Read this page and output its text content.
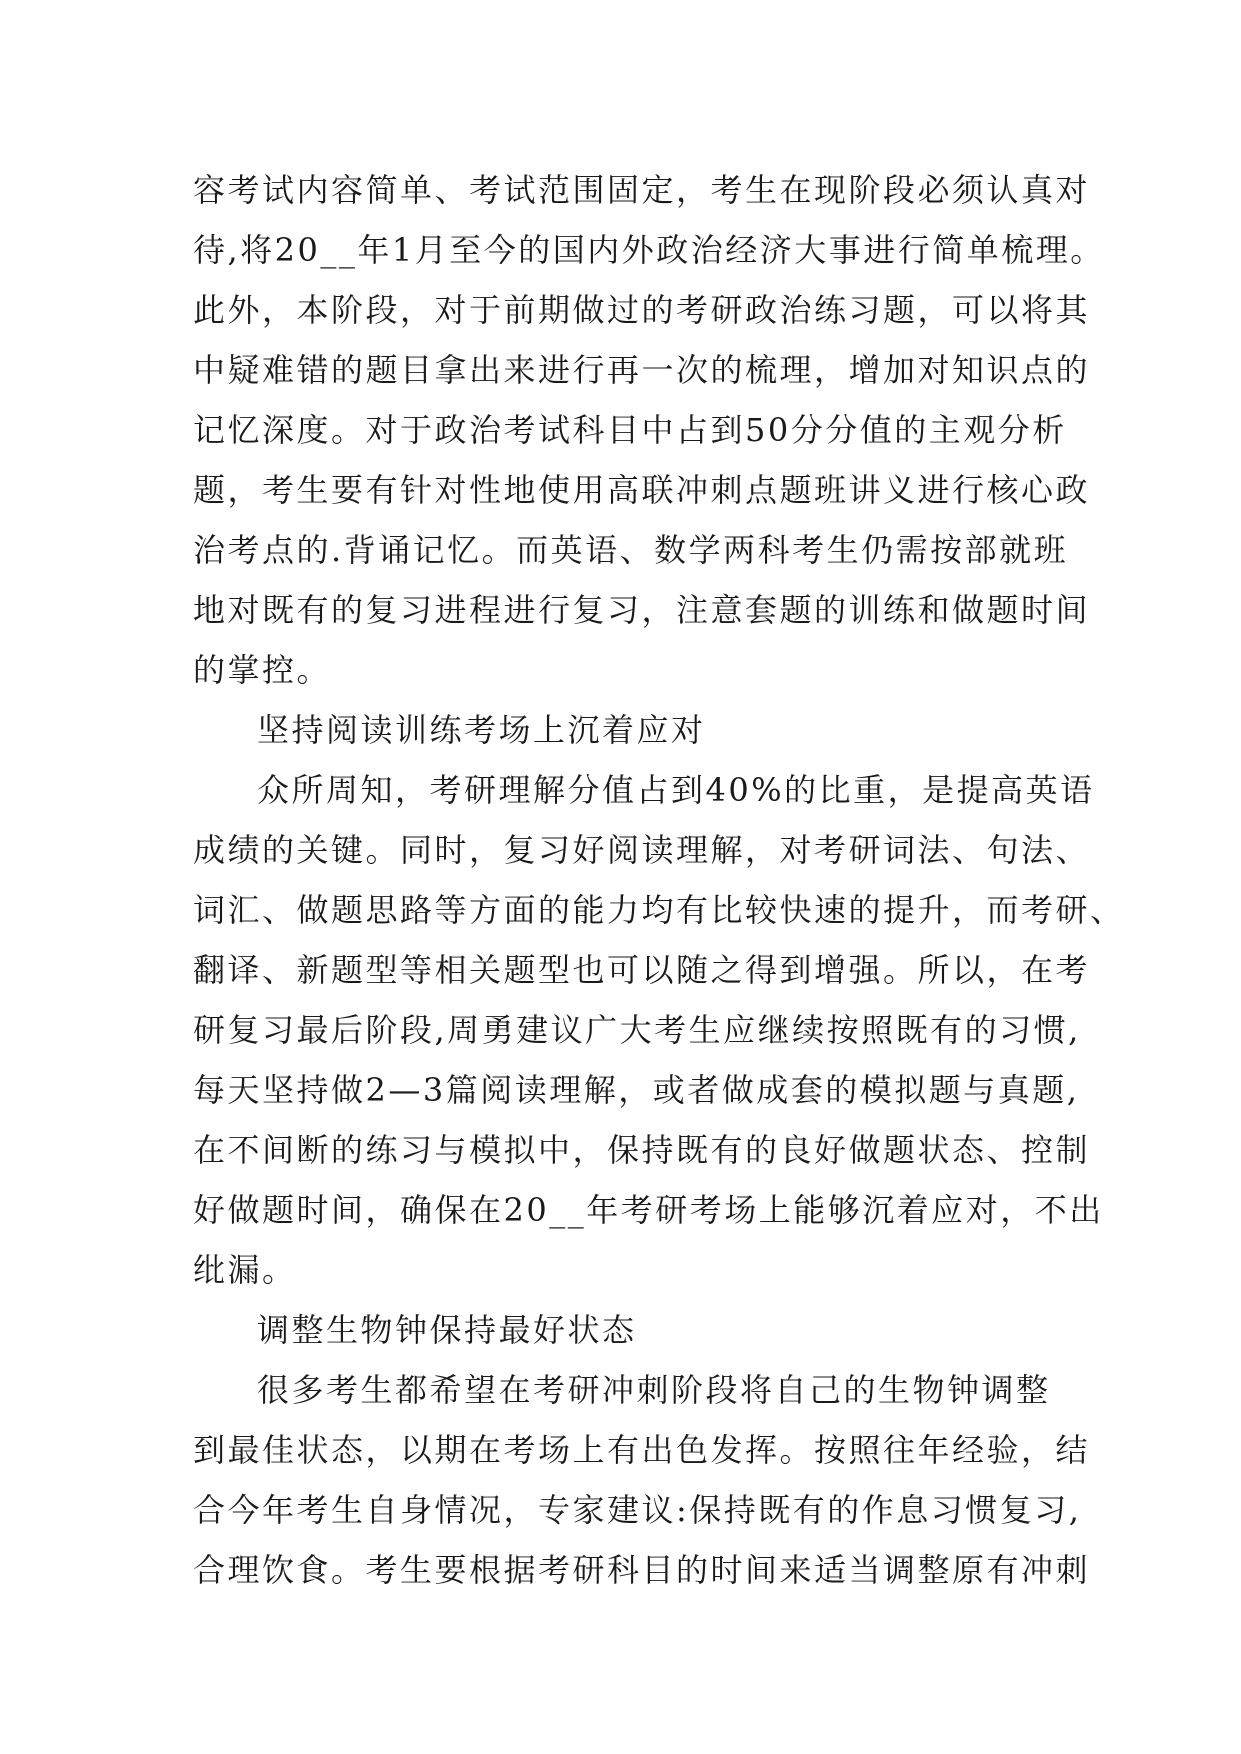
容考试内容简单、考试范围固定，考生在现阶段必须认真对
待,将20__年1月至今的国内外政治经济大事进行简单梳理。
此外，本阶段，对于前期做过的考研政治练习题，可以将其
中疑难错的题目拿出来进行再一次的梳理，增加对知识点的
记忆深度。对于政治考试科目中占到50分分值的主观分析
题，考生要有针对性地使用高联冲刺点题班讲义进行核心政
治考点的.背诵记忆。而英语、数学两科考生仍需按部就班
地对既有的复习进程进行复习，注意套题的训练和做题时间
的掌控。
坚持阅读训练考场上沉着应对
众所周知，考研理解分值占到40%的比重，是提高英语
成绩的关键。同时，复习好阅读理解，对考研词法、句法、
词汇、做题思路等方面的能力均有比较快速的提升，而考研、
翻译、新题型等相关题型也可以随之得到增强。所以，在考
研复习最后阶段,周勇建议广大考生应继续按照既有的习惯,
每天坚持做2—3篇阅读理解，或者做成套的模拟题与真题,
在不间断的练习与模拟中，保持既有的良好做题状态、控制
好做题时间，确保在20__年考研考场上能够沉着应对，不出
纰漏。
调整生物钟保持最好状态
很多考生都希望在考研冲刺阶段将自己的生物钟调整
到最佳状态，以期在考场上有出色发挥。按照往年经验，结
合今年考生自身情况，专家建议:保持既有的作息习惯复习,
合理饮食。考生要根据考研科目的时间来适当调整原有冲刺
